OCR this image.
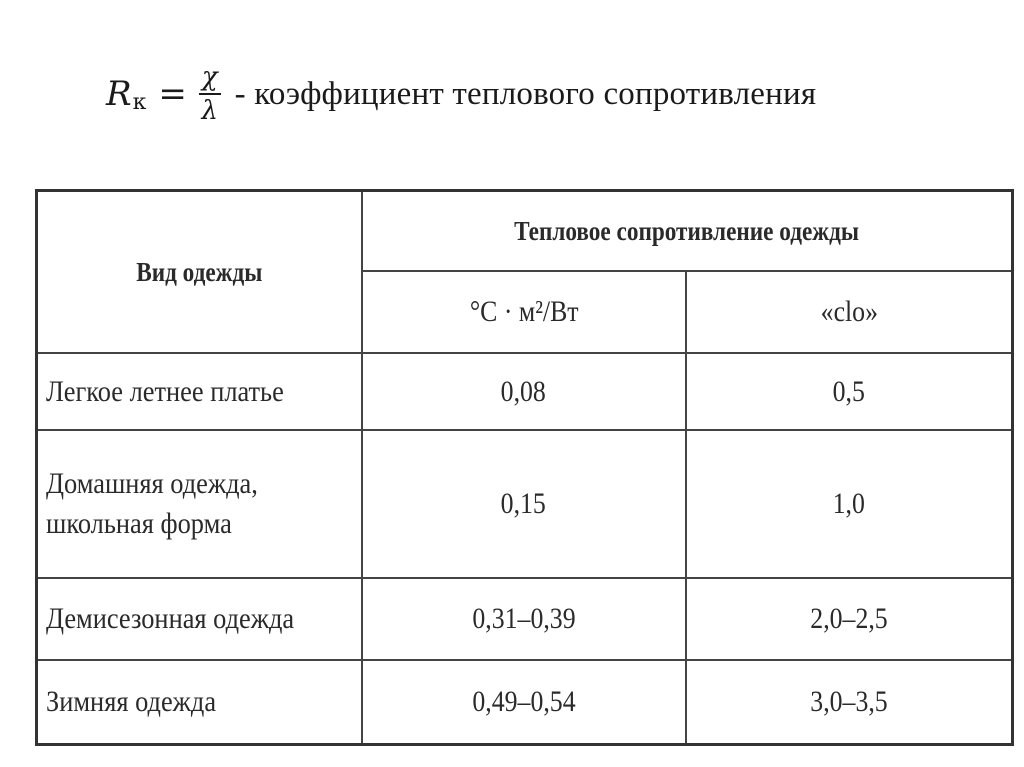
R $к = \frac{\chi}{\lambda}$ - коэффициент теплового сопротивления
Вид одежды	Тепловое сопротивление одежды	
	°С · м²/Вт	«clo»
Легкое летнее платье	0,08	0,5
Домашняя одежда,
школьная форма	0,15	1,0
Демисезонная одежда	0,31–0,39	2,0–2,5
Зимняя одежда	0,49–0,54	3,0–3,5
